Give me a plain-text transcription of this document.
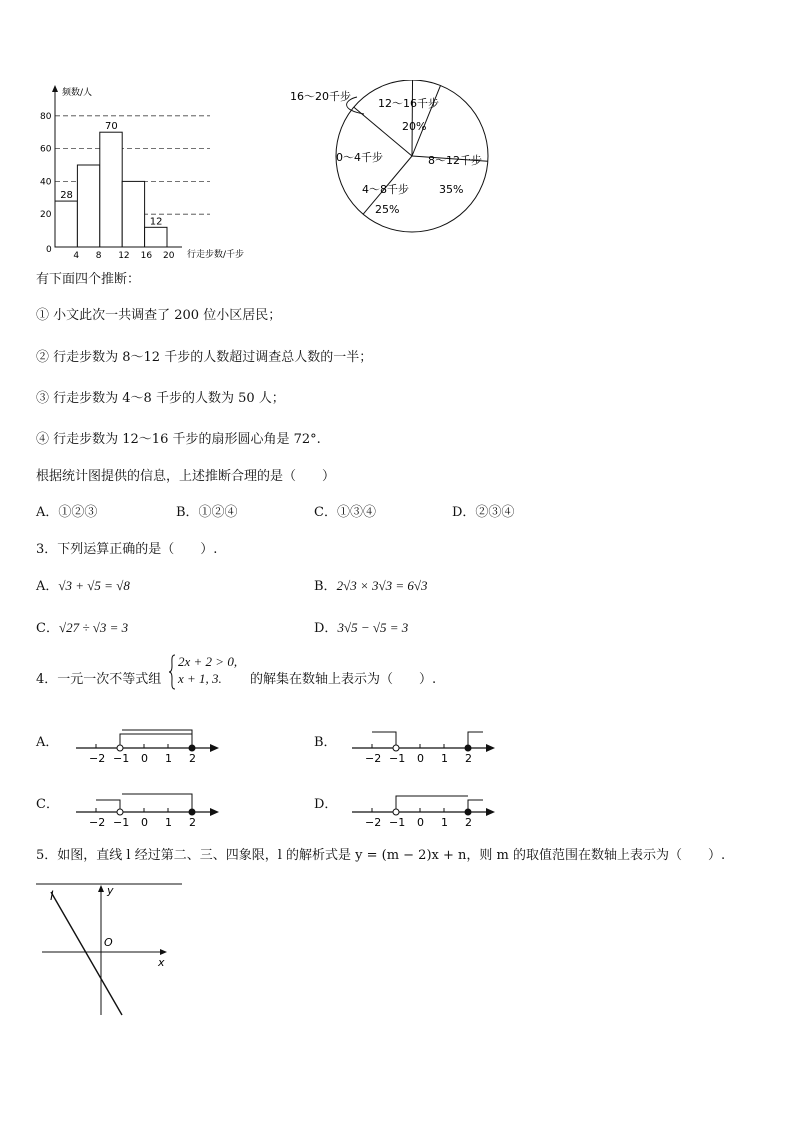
频数/人
行走步数/千步
0
4 8 12 16 20
20
40
60
80
28
70
12
16～20千步
12～16千步
20%
8～12千步
35%
4～8千步
25%
0～4千步
有下面四个推断：
① 小文此次一共调查了 200 位小区居民；
② 行走步数为 8～12 千步的人数超过调查总人数的一半；
③ 行走步数为 4～8 千步的人数为 50 人；
④ 行走步数为 12～16 千步的扇形圆心角是 72°.
根据统计图提供的信息，上述推断合理的是（　　）
A．①②③	B．①②④	C．①③④	D．②③④
3．下列运算正确的是（　　）.
A．√3 + √5 = √8	B．2√3 × 3√3 = 6√3
C．√27 ÷ √3 = 3	D．3√5 − √5 = 3
4．一元一次不等式组
2x + 2 > 0,
x + 1, 3.	的解集在数轴上表示为（　　）.
A．	B．
C．	D．
−2 −1 0 1 2	−2 −1 0 1 2
−2 −1 0 1 2	−2 −1 0 1 2
5．如图，直线 l 经过第二、三、四象限，l 的解析式是 y = (m − 2)x + n，则 m 的取值范围在数轴上表示为（　　）.
l	y
x
O
